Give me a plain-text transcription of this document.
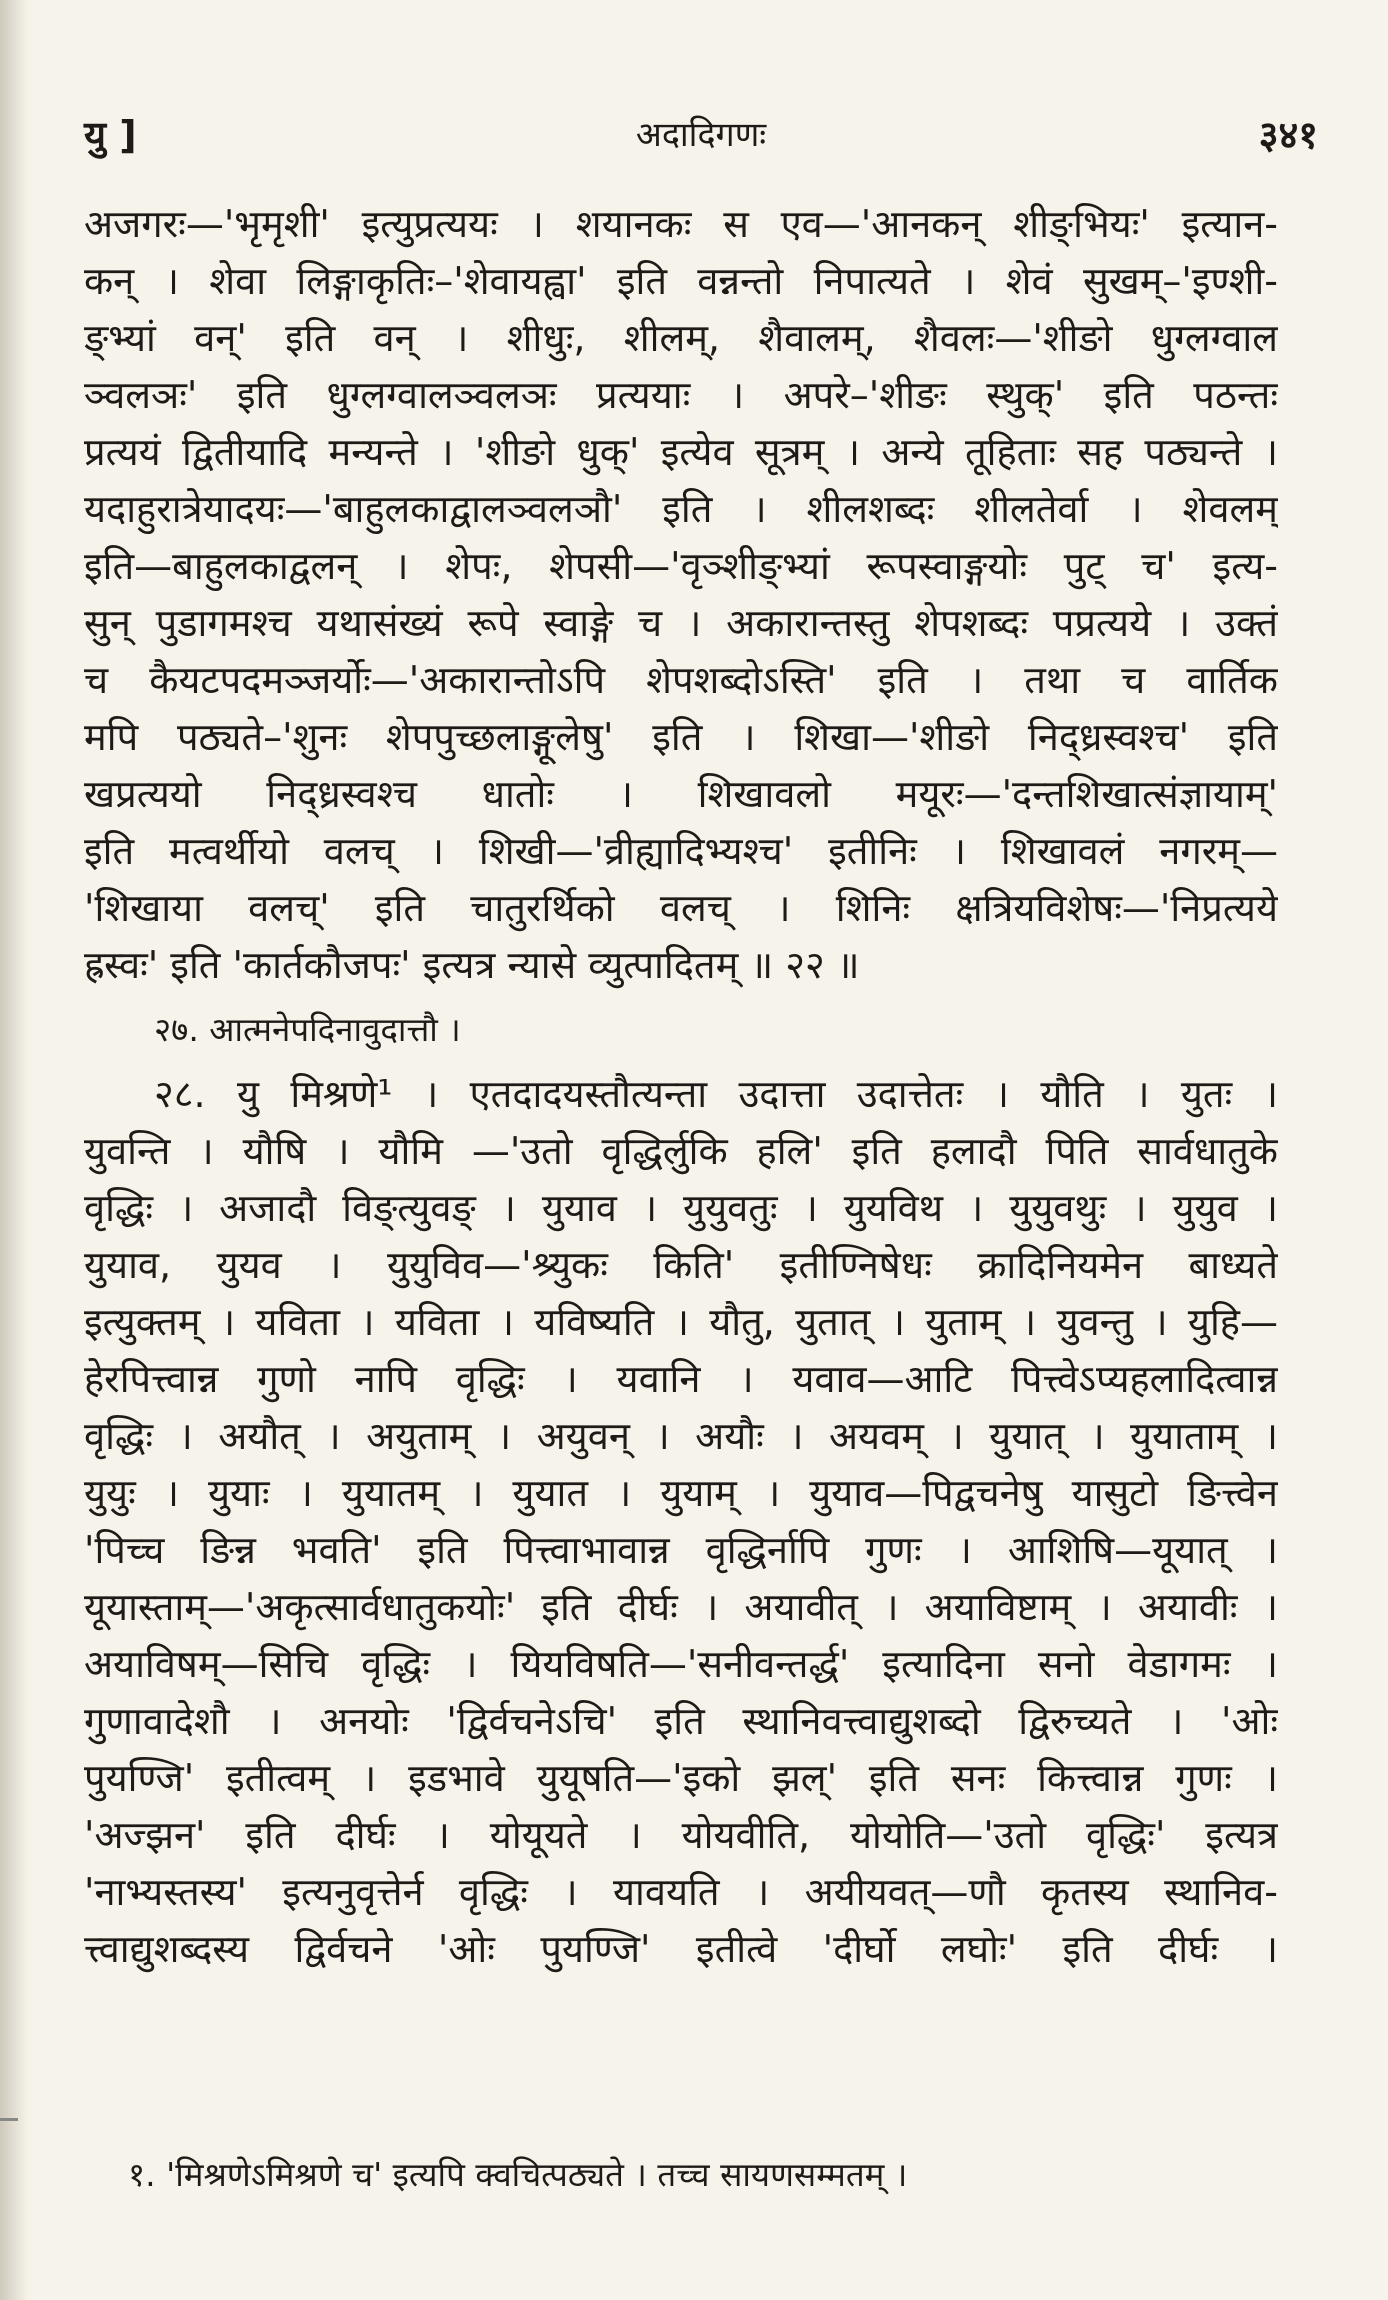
यु ]	अदादिगणः	३४१
अजगरः—'भृमृशी' इत्युप्रत्ययः । शयानकः स एव—'आनकन् शीङ्भियः' इत्यान-
कन् । शेवा लिङ्गाकृतिः–'शेवायह्वा' इति वन्नन्तो निपात्यते । शेवं सुखम्–'इण्शी-
ङ्भ्यां वन्' इति वन् । शीधुः, शीलम्, शैवालम्, शैवलः—'शीङो धुग्लग्वाल
ञ्वलञः' इति धुग्लग्वालञ्वलञः प्रत्ययाः । अपरे–'शीङः स्थुक्' इति पठन्तः
प्रत्ययं द्वितीयादि मन्यन्ते । 'शीङो धुक्' इत्येव सूत्रम् । अन्ये तूहिताः सह पठ्यन्ते ।
यदाहुरात्रेयादयः—'बाहुलकाद्वालञ्वलञौ' इति । शीलशब्दः शीलतेर्वा । शेवलम्
इति—बाहुलकाद्वलन् । शेपः, शेपसी—'वृञ्शीङ्भ्यां रूपस्वाङ्गयोः पुट् च' इत्य-
सुन् पुडागमश्च यथासंख्यं रूपे स्वाङ्गे च । अकारान्तस्तु शेपशब्दः पप्रत्यये । उक्तं
च कैयटपदमञ्जर्योः—'अकारान्तोऽपि शेपशब्दोऽस्ति' इति । तथा च वार्तिक
मपि पठ्यते–'शुनः शेपपुच्छलाङ्गूलेषु' इति । शिखा—'शीङो निद्ध्रस्वश्च' इति
खप्रत्ययो निद्ध्रस्वश्च धातोः । शिखावलो मयूरः—'दन्तशिखात्संज्ञायाम्'
इति मत्वर्थीयो वलच् । शिखी—'व्रीह्यादिभ्यश्च' इतीनिः । शिखावलं नगरम्—
'शिखाया वलच्' इति चातुरर्थिको वलच् । शिनिः क्षत्रियविशेषः—'निप्रत्यये
ह्रस्वः' इति 'कार्तकौजपः' इत्यत्र न्यासे व्युत्पादितम् ॥ २२ ॥
२७. आत्मनेपदिनावुदात्तौ ।
२८. यु मिश्रणे¹ । एतदादयस्तौत्यन्ता उदात्ता उदात्तेतः । यौति । युतः ।
युवन्ति । यौषि । यौमि —'उतो वृद्धिर्लुकि हलि' इति हलादौ पिति सार्वधातुके
वृद्धिः । अजादौ विङ्त्युवङ् । युयाव । युयुवतुः । युयविथ । युयुवथुः । युयुव ।
युयाव, युयव । युयुविव—'श्र्युकः किति' इतीण्निषेधः क्रादिनियमेन बाध्यते
इत्युक्तम् । यविता । यविता । यविष्यति । यौतु, युतात् । युताम् । युवन्तु । युहि—
हेरपित्त्वान्न गुणो नापि वृद्धिः । यवानि । यवाव—आटि पित्त्वेऽप्यहलादित्वान्न
वृद्धिः । अयौत् । अयुताम् । अयुवन् । अयौः । अयवम् । युयात् । युयाताम् ।
युयुः । युयाः । युयातम् । युयात । युयाम् । युयाव—पिद्वचनेषु यासुटो ङित्त्वेन
'पिच्च ङिन्न भवति' इति पित्त्वाभावान्न वृद्धिर्नापि गुणः । आशिषि—यूयात् ।
यूयास्ताम्—'अकृत्सार्वधातुकयोः' इति दीर्घः । अयावीत् । अयाविष्टाम् । अयावीः ।
अयाविषम्—सिचि वृद्धिः । यियविषति—'सनीवन्तर्द्ध' इत्यादिना सनो वेडागमः ।
गुणावादेशौ । अनयोः 'द्विर्वचनेऽचि' इति स्थानिवत्त्वाद्युशब्दो द्विरुच्यते । 'ओः
पुयण्जि' इतीत्वम् । इडभावे युयूषति—'इको झल्' इति सनः कित्त्वान्न गुणः ।
'अज्झन' इति दीर्घः । योयूयते । योयवीति, योयोति—'उतो वृद्धिः' इत्यत्र
'नाभ्यस्तस्य' इत्यनुवृत्तेर्न वृद्धिः । यावयति । अयीयवत्—णौ कृतस्य स्थानिव-
त्त्वाद्युशब्दस्य द्विर्वचने 'ओः पुयण्जि' इतीत्वे 'दीर्घो लघोः' इति दीर्घः ।
१. 'मिश्रणेऽमिश्रणे च' इत्यपि क्वचित्पठ्यते । तच्च सायणसम्मतम् ।
